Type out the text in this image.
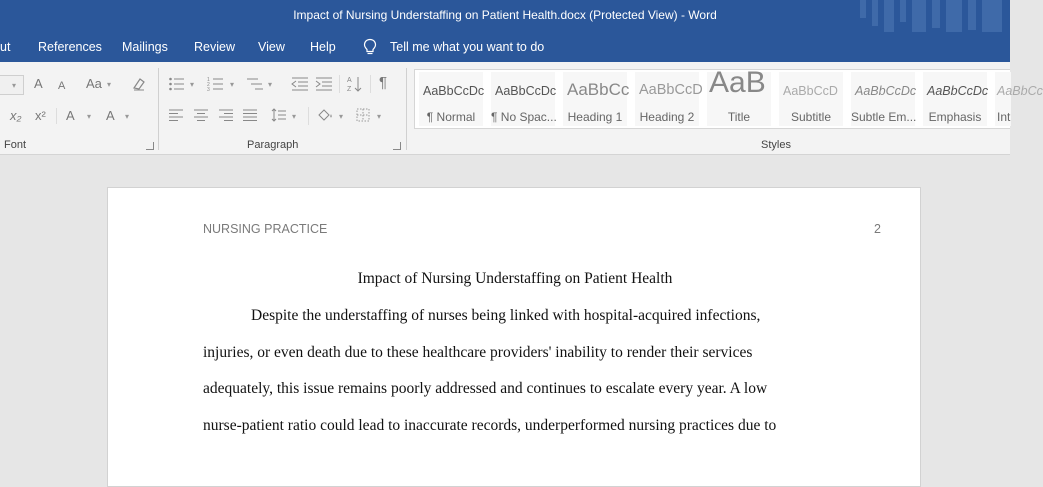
Impact of Nursing Understaffing on Patient Health.docx (Protected View) - Word
ut References Mailings Review View Help	Tell me what you want to do
▾ A A Aa ▾
x₂ x² A ▾ A ▾
Font
▾	1
2
3
▾	▾	A
Z ¶
▾	▾	▾
Paragraph
AaBbCcDc
¶ Normal
AaBbCcDc
¶ No Spac...
AaBbCc
Heading 1
AaBbCcD
Heading 2
AaB
Title
AaBbCcD
Subtitle
AaBbCcDc
Subtle Em...
AaBbCcDc
Emphasis
AaBbCc
Int
Styles
NURSING PRACTICE	2
Impact of Nursing Understaffing on Patient Health
Despite the understaffing of nurses being linked with hospital-acquired infections,
injuries, or even death due to these healthcare providers' inability to render their services
adequately, this issue remains poorly addressed and continues to escalate every year. A low
nurse-patient ratio could lead to inaccurate records, underperformed nursing practices due to
